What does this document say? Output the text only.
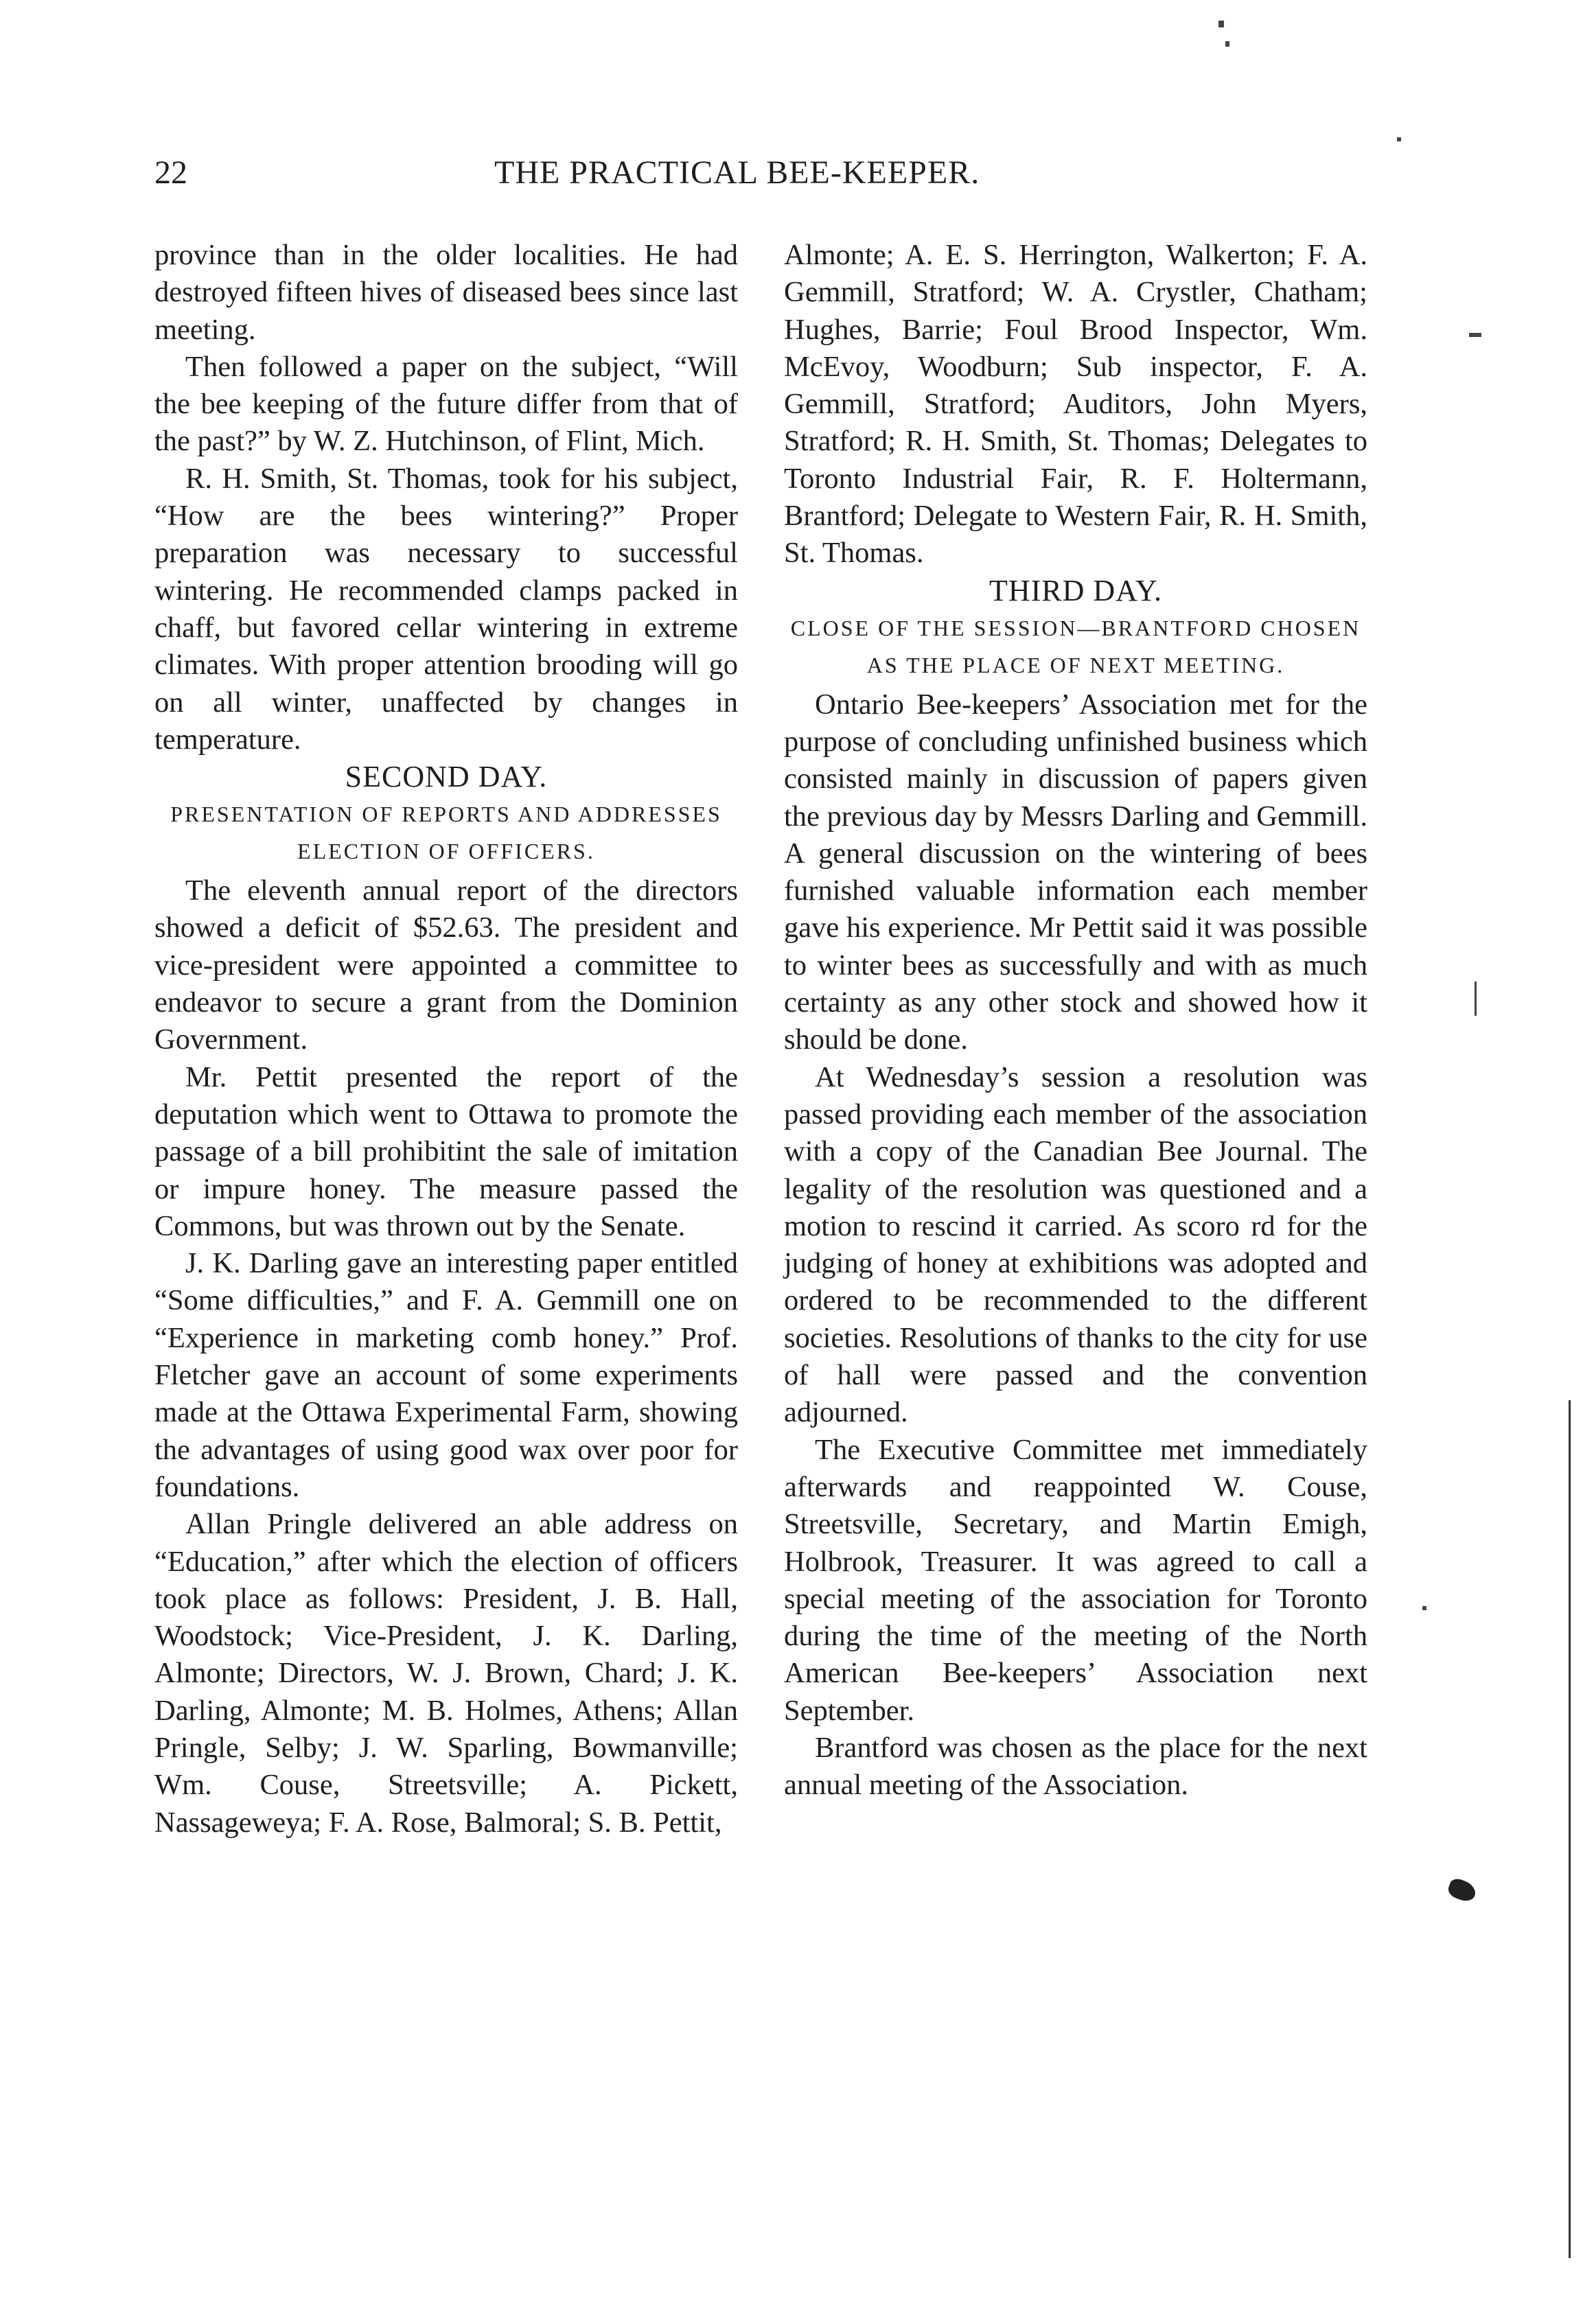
22	THE PRACTICAL BEE-KEEPER.

province than in the older localities. He had destroyed fifteen hives of diseased bees since last meeting.

Then followed a paper on the subject, “Will the bee keeping of the future differ from that of the past?” by W. Z. Hutchinson, of Flint, Mich.

R. H. Smith, St. Thomas, took for his subject, “How are the bees wintering?” Proper preparation was necessary to successful wintering. He recommended clamps packed in chaff, but favored cellar wintering in extreme climates. With proper attention brooding will go on all winter, unaffected by changes in temperature.

SECOND DAY.
PRESENTATION OF REPORTS AND ADDRESSES ELECTION OF OFFICERS.

The eleventh annual report of the directors showed a deficit of $52.63. The president and vice-president were appointed a committee to endeavor to secure a grant from the Dominion Government.

Mr. Pettit presented the report of the deputation which went to Ottawa to promote the passage of a bill prohibitint the sale of imitation or impure honey. The measure passed the Commons, but was thrown out by the Senate.

J. K. Darling gave an interesting paper entitled “Some difficulties,” and F. A. Gemmill one on “Experience in marketing comb honey.” Prof. Fletcher gave an account of some experiments made at the Ottawa Experimental Farm, showing the advantages of using good wax over poor for foundations.

Allan Pringle delivered an able address on “Education,” after which the election of officers took place as follows: President, J. B. Hall, Woodstock; Vice-President, J. K. Darling, Almonte; Directors, W. J. Brown, Chard; J. K. Darling, Almonte; M. B. Holmes, Athens; Allan Pringle, Selby; J. W. Sparling, Bowmanville; Wm. Couse, Streetsville; A. Pickett, Nassageweya; F. A. Rose, Balmoral; S. B. Pettit,

Almonte; A. E. S. Herrington, Walkerton; F. A. Gemmill, Stratford; W. A. Crystler, Chatham; Hughes, Barrie; Foul Brood Inspector, Wm. McEvoy, Woodburn; Sub inspector, F. A. Gemmill, Stratford; Auditors, John Myers, Stratford; R. H. Smith, St. Thomas; Delegates to Toronto Industrial Fair, R. F. Holtermann, Brantford; Delegate to Western Fair, R. H. Smith, St. Thomas.

THIRD DAY.
CLOSE OF THE SESSION—BRANTFORD CHOSEN AS THE PLACE OF NEXT MEETING.

Ontario Bee-keepers’ Association met for the purpose of concluding unfinished business which consisted mainly in discussion of papers given the previous day by Messrs Darling and Gemmill. A general discussion on the wintering of bees furnished valuable information each member gave his experience. Mr Pettit said it was possible to winter bees as successfully and with as much certainty as any other stock and showed how it should be done.

At Wednesday’s session a resolution was passed providing each member of the association with a copy of the Canadian Bee Journal. The legality of the resolution was questioned and a motion to rescind it carried. As scoro rd for the judging of honey at exhibitions was adopted and ordered to be recommended to the different societies. Resolutions of thanks to the city for use of hall were passed and the convention adjourned.

The Executive Committee met immediately afterwards and reappointed W. Couse, Streetsville, Secretary, and Martin Emigh, Holbrook, Treasurer. It was agreed to call a special meeting of the association for Toronto during the time of the meeting of the North American Bee-keepers’ Association next September.

Brantford was chosen as the place for the next annual meeting of the Association.
